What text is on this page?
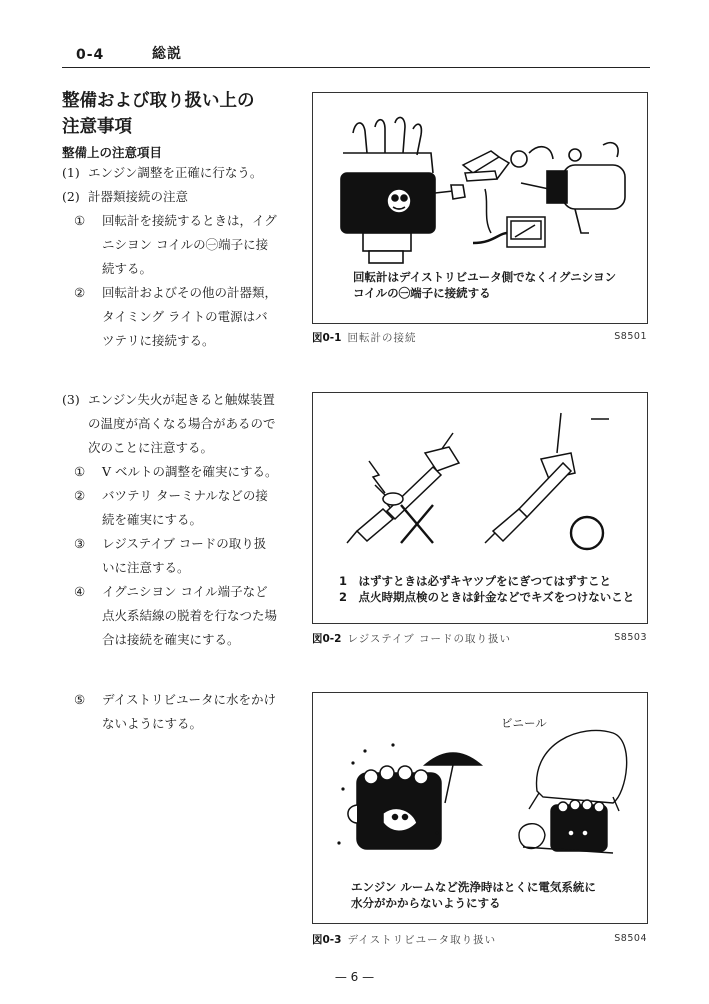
0-4	総説
整備および取り扱い上の
注意事項
整備上の注意項目
(1) エンジン調整を正確に行なう。
(2) 計器類接続の注意
① 回転計を接続するときは，イグ
ニシヨン コイルの㊀端子に接
続する。
② 回転計およびその他の計器類，
タイミング ライトの電源はバ
ツテリに接続する。
(3) エンジン失火が起きると触媒装置
の温度が高くなる場合があるので
次のことに注意する。
① V ベルトの調整を確実にする。
② バツテリ ターミナルなどの接
続を確実にする。
③ レジステイブ コードの取り扱
いに注意する。
④ イグニシヨン コイル端子など
点火系結線の脱着を行なつた場
合は接続を確実にする。
⑤ デイストリビユータに水をかけ
ないようにする。
回転計はデイストリビユータ側でなくイグニシヨン
コイルの㊀端子に接続する
図0-1 回転計の接続	S8501
1　はずすときは必ずキヤツプをにぎつてはずすこと
2　点火時期点検のときは針金などでキズをつけないこと
図0-2 レジステイブ コードの取り扱い	S8503
ビニール
エンジン ルームなど洗浄時はとくに電気系統に
水分がかからないようにする
図0-3 デイストリビユータ取り扱い	S8504
— 6 —
